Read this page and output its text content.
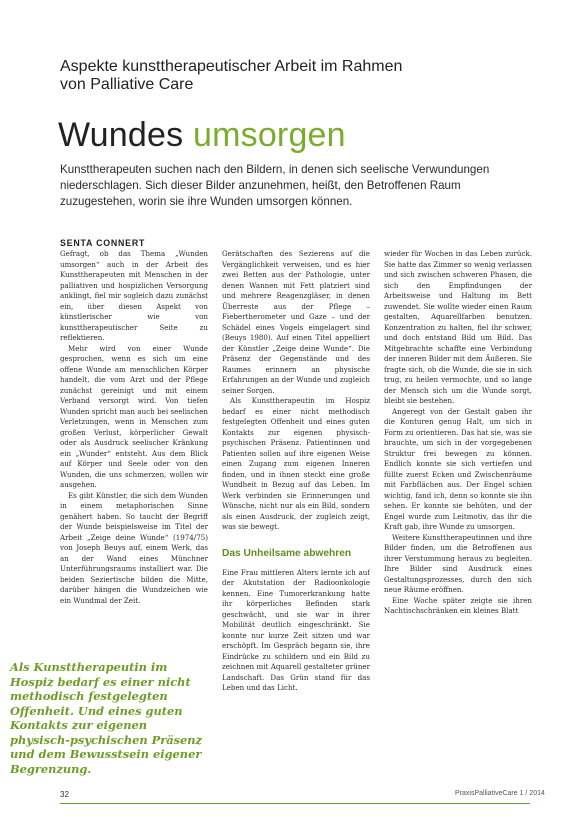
Aspekte kunsttherapeutischer Arbeit im Rahmen
von Palliative Care
Wundes umsorgen
Kunsttherapeuten suchen nach den Bildern, in denen sich seelische Verwundungen niederschlagen. Sich dieser Bilder anzunehmen, heißt, den Betroffenen Raum zuzugestehen, worin sie ihre Wunden umsorgen können.
SENTA CONNERT

Gefragt, ob das Thema „Wunden umsorgen“ auch in der Arbeit des Kunsttherapeuten mit Menschen in der palliativen und hospizlichen Versorgung anklingt, fiel mir sogleich dazu zunächst ein, über diesen Aspekt von künstlerischer wie von kunsttherapeutischer Seite zu reflektieren.

Mehr wird von einer Wunde gesprochen, wenn es sich um eine offene Wunde am menschlichen Körper handelt, die vom Arzt und der Pflege zunächst gereinigt und mit einem Verband versorgt wird. Von tiefen Wunden spricht man auch bei seelischen Verletzungen, wenn in Menschen zum großen Verlust, körperlicher Gewalt oder als Ausdruck seelischer Kränkung ein „Wunder“ entsteht. Aus dem Blick auf Körper und Seele oder von den Wunden, die uns schmerzen, wollen wir ausgehen.

Es gibt Künstler, die sich dem Wunden in einem metaphorischen Sinne genähert haben. So taucht der Begriff der Wunde beispielsweise im Titel der Arbeit „Zeige deine Wunde“ (1974/75) von Joseph Beuys auf, einem Werk, das an der Wand eines Münchner Unterführungsraums installiert war. Die beiden Seziertische bilden die Mitte, darüber hängen die Wundzeichen wie ein Wundmal der Zeit.

Gerätschaften des Sezierens auf die Vergänglichkeit verweisen, und es hier zwei Betten aus der Pathologie, unter denen Wannen mit Fett platziert sind und mehrere Reagenzgläser, in denen Überreste aus der Pflege – Fiebertherometer und Gaze – und der Schädel eines Vogels eingelagert sind (Beuys 1980). Auf einen Titel appelliert der Künstler „Zeige deine Wunde“. Die Präsenz der Gegenstände und des Raumes erinnern an physische Erfahrungen an der Wunde und zugleich seiner Sorgen.

Als Kunsttherapeutin im Hospiz bedarf es einer nicht methodisch festgelegten Offenheit und eines guten Kontakts zur eigenen physisch-psychischen Präsenz. Patientinnen und Patienten sollen auf ihre eigenen Weise einen Zugang zum eigenen Inneren finden, und in ihnen steckt eine große Wundheit in Bezug auf das Leben. Im Werk verbinden sie Erinnerungen und Wünsche, nicht nur als ein Bild, sondern als einen Ausdruck, der zugleich zeigt, was sie bewegt.

Das Unheilsame abwehren

Eine Frau mittleren Alters lernte ich auf der Akutstation der Radioonkologie kennen. Eine Tumorerkrankung hatte ihr körperliches Befinden stark geschwächt, und sie war in ihrer Mobilität deutlich eingeschränkt. Sie konnte nur kurze Zeit sitzen und war erschöpft. Im Gespräch begann sie, ihre Eindrücke zu schildern und ein Bild zu zeichnen mit Aquarell gestalteter grüner Landschaft. Das Grün stand für das Leben und das Licht.

wieder für Wochen in das Leben zurück. Sie hatte das Zimmer so wenig verlassen und sich zwischen schweren Phasen, die sich den Empfindungen der Arbeitsweise und Haltung im Bett zuwendet. Sie wollte wieder einen Raum gestalten, Aquarellfarben benutzen. Konzentration zu halten, fiel ihr schwer, und doch entstand Bild um Bild. Das Mitgebrachte schaffte eine Verbindung der inneren Bilder mit dem Äußeren. Sie fragte sich, ob die Wunde, die sie in sich trug, zu heilen vermochte, und so lange der Mensch sich um die Wunde sorgt, bleibt sie bestehen.

Angeregt von der Gestalt gaben ihr die Konturen genug Halt, um sich in Form zu orientieren. Das hat sie, was sie brauchte, um sich in der vorgegebenen Struktur frei bewegen zu können. Endlich konnte sie sich vertiefen und füllte zuerst Ecken und Zwischenräume mit Farbflächen aus. Der Engel schien wichtig, fand ich, denn so konnte sie ihn sehen. Er konnte sie behüten, und der Engel wurde zum Leitmotiv, das ihr die Kraft gab, ihre Wunde zu umsorgen.

Weitere Kunsttherapeutinnen und ihre Bilder finden, um die Betroffenen aus ihrer Verstummung heraus zu begleiten. Ihre Bilder sind Ausdruck eines Gestaltungsprozesses, durch den sich neue Räume eröffnen.

Eine Woche später zeigte sie ihren Nachtischschränken ein kleines Blatt

Als Kunsttherapeutin im Hospiz bedarf es einer nicht methodisch festgelegten Offenheit. Und eines guten Kontakts zur eigenen physisch-psychischen Präsenz und dem Bewusstsein eigener Begrenzung.
32	PraxisPalliativeCare 1 / 2014
